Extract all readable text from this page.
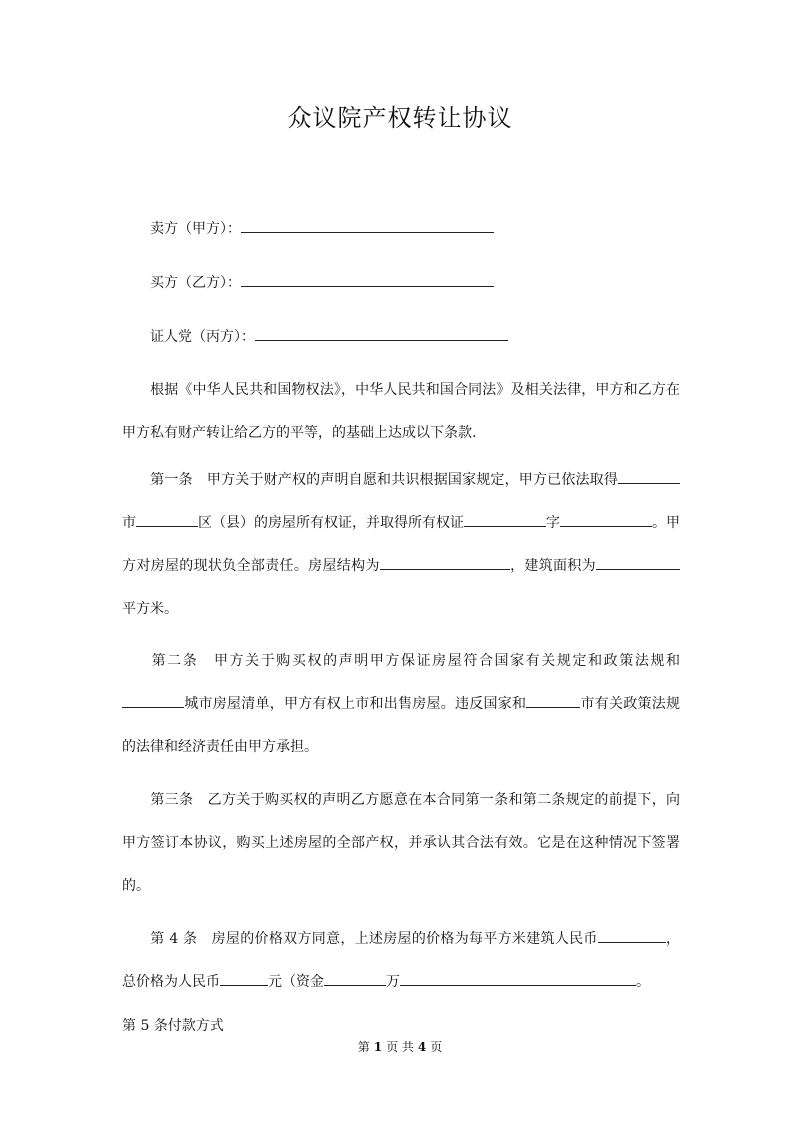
众议院产权转让协议
卖方（甲方）：
买方（乙方）：
证人党（丙方）：
根据《中华人民共和国物权法》，中华人民共和国合同法》及相关法律，甲方和乙方在甲方私有财产转让给乙方的平等，的基础上达成以下条款.
第一条　 甲方关于财产权的声明自愿和共识根据国家规定，甲方已依法取得市	区（县）的房屋所有权证，并取得所有权证	字	。甲方对房屋的现状负全部责任。房屋结构为	，建筑面积为平方米。
第二条　 甲方关于购买权的声明甲方保证房屋符合国家有关规定和政策法规和城市房屋清单，甲方有权上市和出售房屋。违反国家和	市有关政策法规的法律和经济责任由甲方承担。
第三条　 乙方关于购买权的声明乙方愿意在本合同第一条和第二条规定的前提下，向甲方签订本协议，购买上述房屋的全部产权，并承认其合法有效。它是在这种情况下签署的。
第 4 条　 房屋的价格双方同意，上述房屋的价格为每平方米建筑人民币	，总价格为人民币	元（资金	万	。
第 5 条付款方式
第 1 页 共 4 页
